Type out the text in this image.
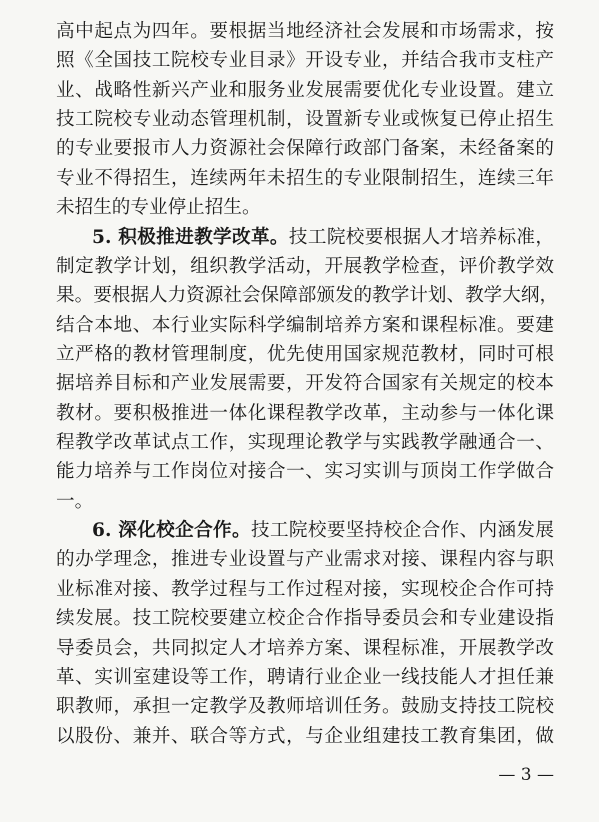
高中起点为四年。要根据当地经济社会发展和市场需求，按

照《全国技工院校专业目录》开设专业，并结合我市支柱产

业、战略性新兴产业和服务业发展需要优化专业设置。建立

技工院校专业动态管理机制，设置新专业或恢复已停止招生

的专业要报市人力资源社会保障行政部门备案，未经备案的

专业不得招生，连续两年未招生的专业限制招生，连续三年

未招生的专业停止招生。

5. 积极推进教学改革。技工院校要根据人才培养标准，

制定教学计划，组织教学活动，开展教学检查，评价教学效

果。要根据人力资源社会保障部颁发的教学计划、教学大纲，

结合本地、本行业实际科学编制培养方案和课程标准。要建

立严格的教材管理制度，优先使用国家规范教材，同时可根

据培养目标和产业发展需要，开发符合国家有关规定的校本

教材。要积极推进一体化课程教学改革，主动参与一体化课

程教学改革试点工作，实现理论教学与实践教学融通合一、

能力培养与工作岗位对接合一、实习实训与顶岗工作学做合

一。

— 3 —

6. 深化校企合作。技工院校要坚持校企合作、内涵发展

的办学理念，推进专业设置与产业需求对接、课程内容与职

业标准对接、教学过程与工作过程对接，实现校企合作可持

续发展。技工院校要建立校企合作指导委员会和专业建设指

导委员会，共同拟定人才培养方案、课程标准，开展教学改

革、实训室建设等工作，聘请行业企业一线技能人才担任兼

职教师，承担一定教学及教师培训任务。鼓励支持技工院校

以股份、兼并、联合等方式，与企业组建技工教育集团，做
